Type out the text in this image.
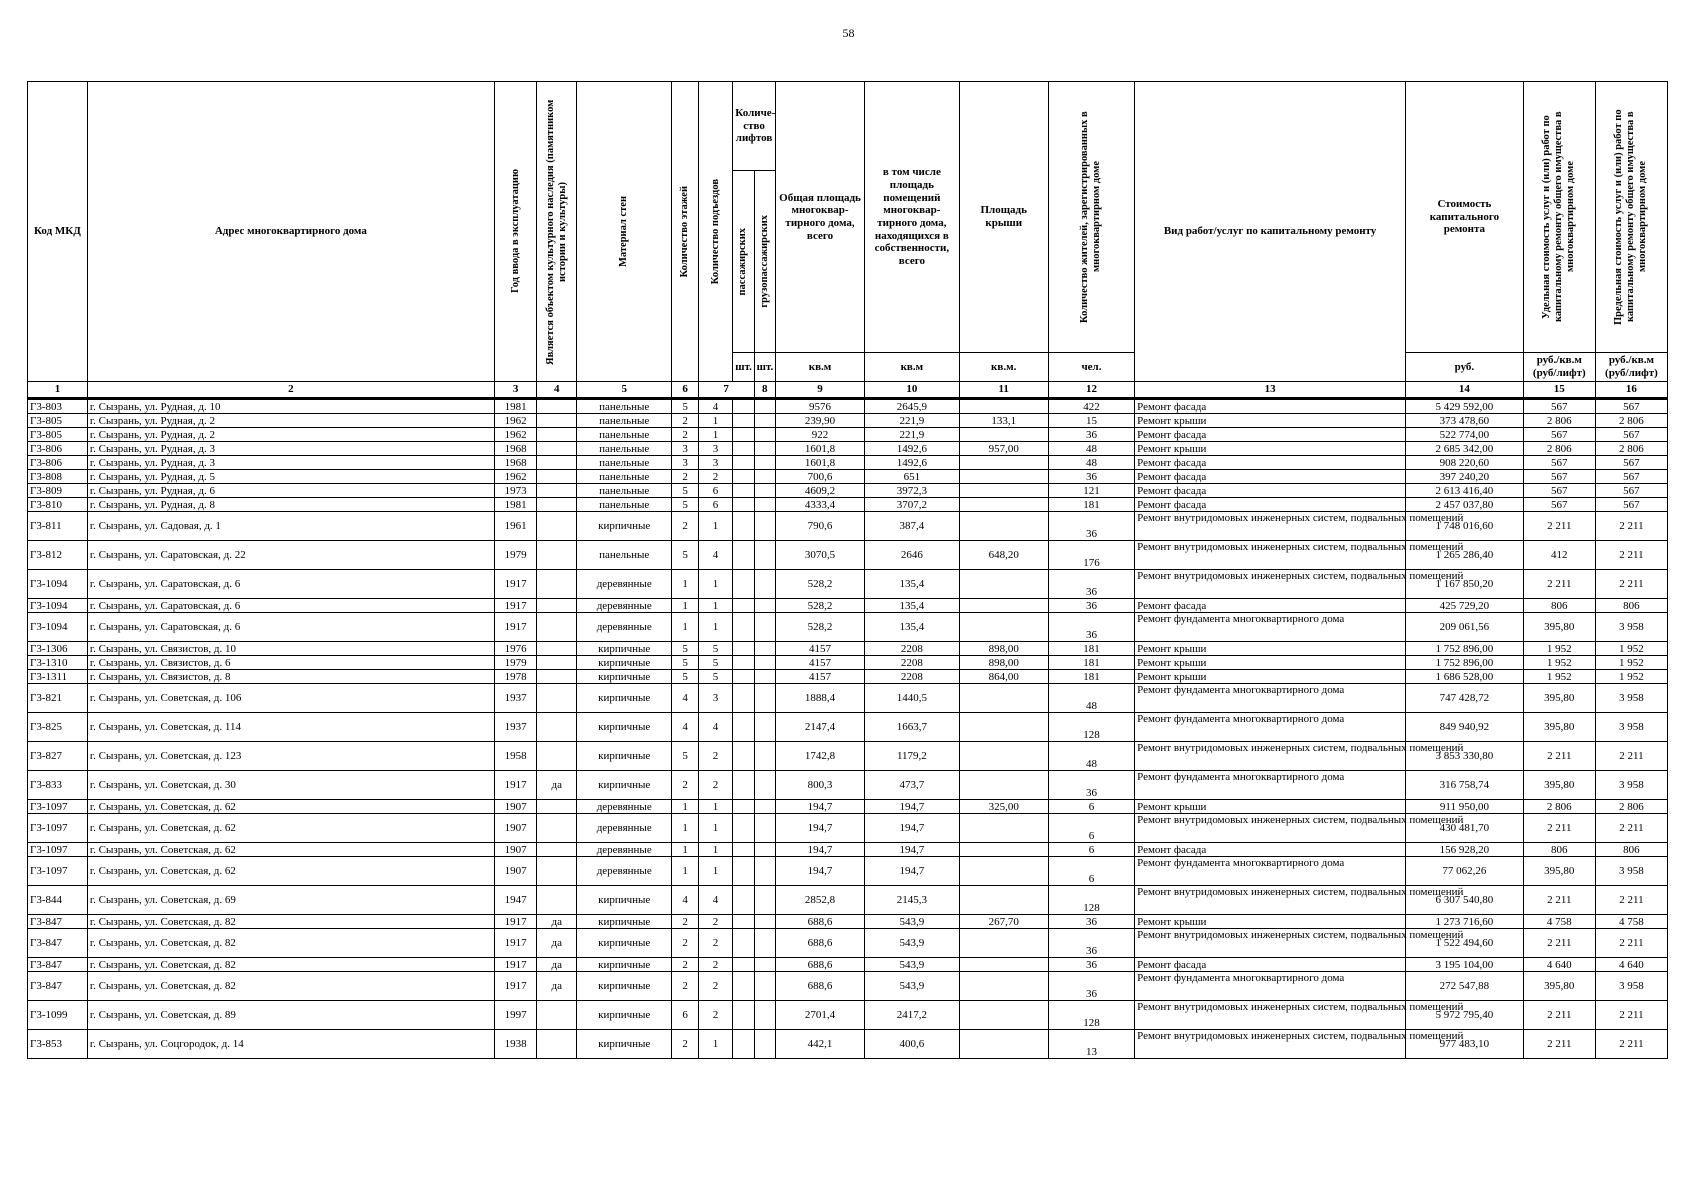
58
Код МКД	Адрес многоквартирного дома	Год ввода в эксплуатацию	Является объектом культурного наследия (памятником истории и культуры)	Материал стен	Количество этажей	Количество подъездов	Количе-ство лифтов		Общая площадь многоквар-тирного дома, всего	в том числе площадь помещений многоквар-тирного дома, находящихся в собственности, всего	Площадь крыши	Количество жителей, зарегистрированных в многоквартирном доме	Вид работ/услуг по капитальному ремонту	Стоимость капитального ремонта	Удельная стоимость услуг и (или) работ по капитальному ремонту общего имущества в многоквартирном доме	Предельная стоимость услуг и (или) работ по капитальному ремонту общего имущества в многоквартирном доме

							пассажирских	грузопассажирских								

							шт.	шт.	кв.м	кв.м	кв.м.	чел.		руб.	руб./кв.м (руб/лифт)	руб./кв.м (руб/лифт)
1	2	3	4	5	6	7		8	9	10	11	12	13	14	15	16
Г3-803	г. Сызрань, ул. Рудная, д. 10	1981		панельные	5	4			9576	2645,9		422	Ремонт фасада	5 429 592,00	567	567
Г3-805	г. Сызрань, ул. Рудная, д. 2	1962		панельные	2	1			239,90	221,9	133,1	15	Ремонт крыши	373 478,60	2 806	2 806
Г3-805	г. Сызрань, ул. Рудная, д. 2	1962		панельные	2	1			922	221,9		36	Ремонт фасада	522 774,00	567	567
Г3-806	г. Сызрань, ул. Рудная, д. 3	1968		панельные	3	3			1601,8	1492,6	957,00	48	Ремонт крыши	2 685 342,00	2 806	2 806
Г3-806	г. Сызрань, ул. Рудная, д. 3	1968		панельные	3	3			1601,8	1492,6		48	Ремонт фасада	908 220,60	567	567
Г3-808	г. Сызрань, ул. Рудная, д. 5	1962		панельные	2	2			700,6	651		36	Ремонт фасада	397 240,20	567	567
Г3-809	г. Сызрань, ул. Рудная, д. 6	1973		панельные	5	6			4609,2	3972,3		121	Ремонт фасада	2 613 416,40	567	567
Г3-810	г. Сызрань, ул. Рудная, д. 8	1981		панельные	5	6			4333,4	3707,2		181	Ремонт фасада	2 457 037,80	567	567
Г3-811	г. Сызрань, ул. Садовая, д. 1	1961		кирпичные	2	1			790,6	387,4		36	Ремонт внутридомовых инженерных систем, подвальных помещений	1 748 016,60	2 211	2 211
Г3-812	г. Сызрань, ул. Саратовская, д. 22	1979		панельные	5	4			3070,5	2646	648,20	176	Ремонт внутридомовых инженерных систем, подвальных помещений	1 265 286,40	412	2 211
Г3-1094	г. Сызрань, ул. Саратовская, д. 6	1917		деревянные	1	1			528,2	135,4		36	Ремонт внутридомовых инженерных систем, подвальных помещений	1 167 850,20	2 211	2 211
Г3-1094	г. Сызрань, ул. Саратовская, д. 6	1917		деревянные	1	1			528,2	135,4		36	Ремонт фасада	425 729,20	806	806
Г3-1094	г. Сызрань, ул. Саратовская, д. 6	1917		деревянные	1	1			528,2	135,4		36	Ремонт фундамента многоквартирного дома	209 061,56	395,80	3 958
Г3-1306	г. Сызрань, ул. Связистов, д. 10	1976		кирпичные	5	5			4157	2208	898,00	181	Ремонт крыши	1 752 896,00	1 952	1 952
Г3-1310	г. Сызрань, ул. Связистов, д. 6	1979		кирпичные	5	5			4157	2208	898,00	181	Ремонт крыши	1 752 896,00	1 952	1 952
Г3-1311	г. Сызрань, ул. Связистов, д. 8	1978		кирпичные	5	5			4157	2208	864,00	181	Ремонт крыши	1 686 528,00	1 952	1 952
Г3-821	г. Сызрань, ул. Советская, д. 106	1937		кирпичные	4	3			1888,4	1440,5		48	Ремонт фундамента многоквартирного дома	747 428,72	395,80	3 958
Г3-825	г. Сызрань, ул. Советская, д. 114	1937		кирпичные	4	4			2147,4	1663,7		128	Ремонт фундамента многоквартирного дома	849 940,92	395,80	3 958
Г3-827	г. Сызрань, ул. Советская, д. 123	1958		кирпичные	5	2			1742,8	1179,2		48	Ремонт внутридомовых инженерных систем, подвальных помещений	3 853 330,80	2 211	2 211
Г3-833	г. Сызрань, ул. Советская, д. 30	1917	да	кирпичные	2	2			800,3	473,7		36	Ремонт фундамента многоквартирного дома	316 758,74	395,80	3 958
Г3-1097	г. Сызрань, ул. Советская, д. 62	1907		деревянные	1	1			194,7	194,7	325,00	6	Ремонт крыши	911 950,00	2 806	2 806
Г3-1097	г. Сызрань, ул. Советская, д. 62	1907		деревянные	1	1			194,7	194,7		6	Ремонт внутридомовых инженерных систем, подвальных помещений	430 481,70	2 211	2 211
Г3-1097	г. Сызрань, ул. Советская, д. 62	1907		деревянные	1	1			194,7	194,7		6	Ремонт фасада	156 928,20	806	806
Г3-1097	г. Сызрань, ул. Советская, д. 62	1907		деревянные	1	1			194,7	194,7		6	Ремонт фундамента многоквартирного дома	77 062,26	395,80	3 958
Г3-844	г. Сызрань, ул. Советская, д. 69	1947		кирпичные	4	4			2852,8	2145,3		128	Ремонт внутридомовых инженерных систем, подвальных помещений	6 307 540,80	2 211	2 211
Г3-847	г. Сызрань, ул. Советская, д. 82	1917	да	кирпичные	2	2			688,6	543,9	267,70	36	Ремонт крыши	1 273 716,60	4 758	4 758
Г3-847	г. Сызрань, ул. Советская, д. 82	1917	да	кирпичные	2	2			688,6	543,9		36	Ремонт внутридомовых инженерных систем, подвальных помещений	1 522 494,60	2 211	2 211
Г3-847	г. Сызрань, ул. Советская, д. 82	1917	да	кирпичные	2	2			688,6	543,9		36	Ремонт фасада	3 195 104,00	4 640	4 640
Г3-847	г. Сызрань, ул. Советская, д. 82	1917	да	кирпичные	2	2			688,6	543,9		36	Ремонт фундамента многоквартирного дома	272 547,88	395,80	3 958
Г3-1099	г. Сызрань, ул. Советская, д. 89	1997		кирпичные	6	2			2701,4	2417,2		128	Ремонт внутридомовых инженерных систем, подвальных помещений	5 972 795,40	2 211	2 211
Г3-853	г. Сызрань, ул. Соцгородок, д. 14	1938		кирпичные	2	1			442,1	400,6		13	Ремонт внутридомовых инженерных систем, подвальных помещений	977 483,10	2 211	2 211
